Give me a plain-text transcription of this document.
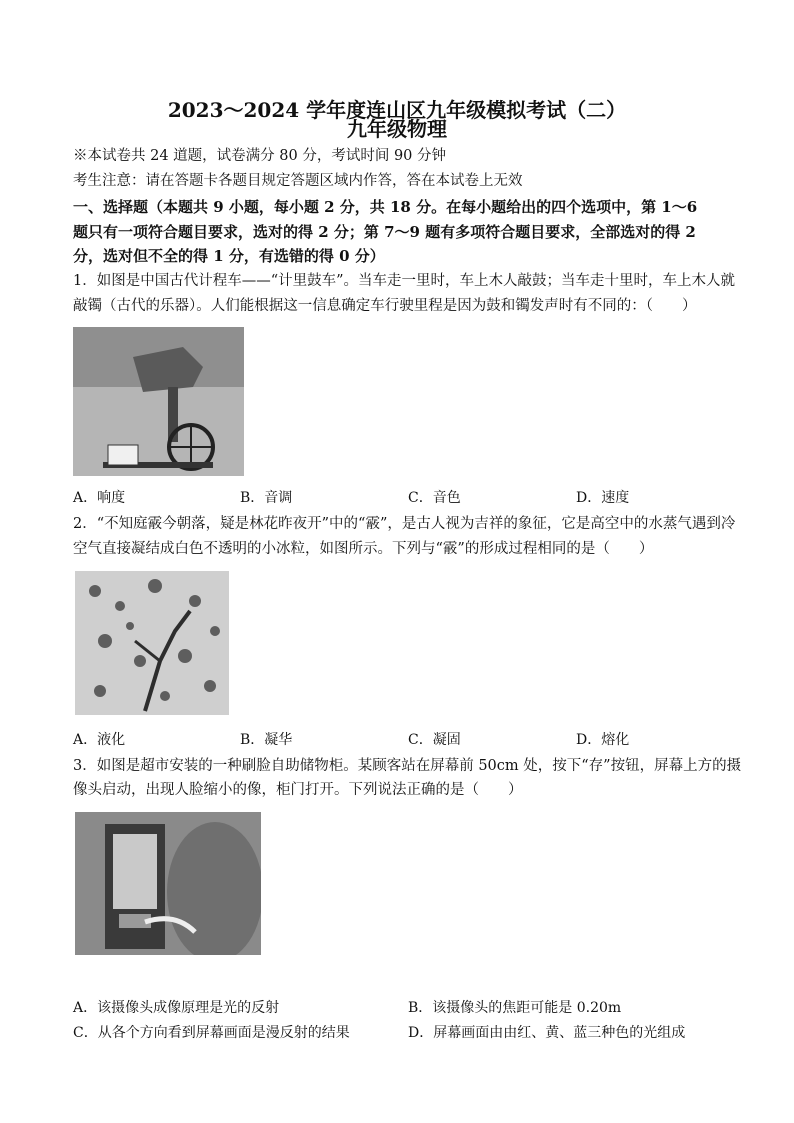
2023～2024 学年度连山区九年级模拟考试（二）
九年级物理
※本试卷共 24 道题，试卷满分 80 分，考试时间 90 分钟
考生注意：请在答题卡各题目规定答题区域内作答，答在本试卷上无效
一、选择题（本题共 9 小题，每小题 2 分，共 18 分。在每小题给出的四个选项中，第 1～6
题只有一项符合题目要求，选对的得 2 分；第 7～9 题有多项符合题目要求，全部选对的得 2
分，选对但不全的得 1 分，有选错的得 0 分）
1．如图是中国古代计程车——“计里鼓车”。当车走一里时，车上木人敲鼓；当车走十里时，车上木人就
敲镯（古代的乐器）。人们能根据这一信息确定车行驶里程是因为鼓和镯发声时有不同的：（　　）
A．响度	B．音调	C．音色	D．速度
2．“不知庭霰今朝落，疑是林花昨夜开”中的“霰”，是古人视为吉祥的象征，它是高空中的水蒸气遇到冷
空气直接凝结成白色不透明的小冰粒，如图所示。下列与“霰”的形成过程相同的是（　　）
A．液化	B．凝华	C．凝固	D．熔化
3．如图是超市安装的一种刷脸自助储物柜。某顾客站在屏幕前 50cm 处，按下“存”按钮，屏幕上方的摄
像头启动，出现人脸缩小的像，柜门打开。下列说法正确的是（　　）
A．该摄像头成像原理是光的反射	B．该摄像头的焦距可能是 0.20m
C．从各个方向看到屏幕画面是漫反射的结果	D．屏幕画面由由红、黄、蓝三种色的光组成
